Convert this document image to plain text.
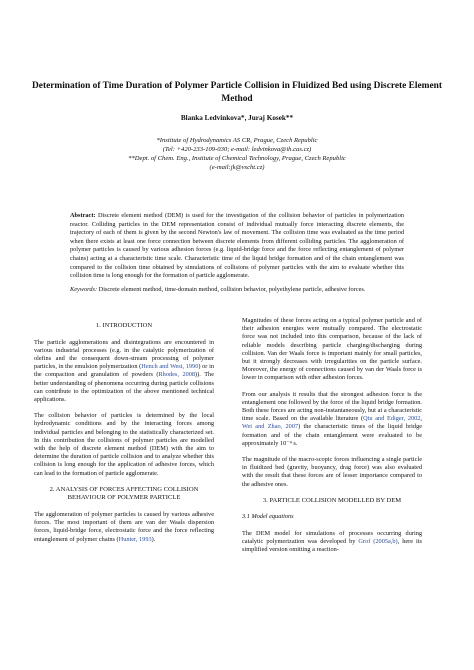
Determination of Time Duration of Polymer Particle Collision in Fluidized Bed using Discrete Element Method
Blanka Ledvinkova*, Juraj Kosek**
*Institute of Hydrodynamics AS CR, Prague, Czech Republic
(Tel: +420-233-109-030; e-mail: ledvinkova@ih.cas.cz)
**Dept. of Chem. Eng., Institute of Chemical Technology, Prague, Czech Republic
(e-mail:jk@vscht.cz)
Abstract: Discrete element method (DEM) is used for the investigation of the collision behavior of particles in polymerization reactor. Colliding particles in the DEM representation consist of individual mutually force interacting discrete elements, the trajectory of each of them is given by the second Newton's law of movement. The collision time was evaluated as the time period when there exists at least one force connection between discrete elements from different colliding particles. The agglomeration of polymer particles is caused by various adhesion forces (e.g. liquid-bridge force and the force reflecting entanglement of polymer chains) acting at a characteristic time scale. Characteristic time of the liquid bridge formation and of the chain entanglement was compared to the collision time obtained by simulations of collisions of polymer particles with the aim to evaluate whether this collision time is long enough for the formation of particle agglomerate.
Keywords: Discrete element method, time-domain method, collision behavior, polyethylene particle, adhesive forces.
1. INTRODUCTION

The particle agglomerations and disintegrations are encountered in various industrial processes (e.g. in the catalytic polymerization of olefins and the consequent down-stream processing of polymer particles, in the emulsion polymerization (Hench and West, 1990) or in the compaction and granulation of powders (Rhodes, 2008)). The better understanding of phenomena occurring during particle collisions can contribute to the optimization of the above mentioned technical applications.

The collision behavior of particles is determined by the local hydrodynamic conditions and by the interacting forces among individual particles and belonging to the statistically characterized set. In this contribution the collisions of polymer particles are modelled with the help of discrete element method (DEM) with the aim to determine the duration of particle collision and to analyze whether this collision is long enough for the application of adhesive forces, which can lead to the formation of particle agglomerate.

2. ANALYSIS OF FORCES AFFECTING COLLISION
BEHAVIOUR OF POLYMER PARTICLE

The agglomeration of polymer particles is caused by various adhesive forces. The most important of them are van der Waals dispersion forces, liquid-bridge force, electrostatic force and the force reflecting entanglement of polymer chains (Hunter, 1993).

Magnitudes of these forces acting on a typical polymer particle and of their adhesion energies were mutually compared. The electrostatic force was not included into this comparison, because of the lack of reliable models describing particle charging/discharging during collision. Van der Waals force is important mainly for small particles, but it strongly decreases with irregularities on the particle surface. Moreover, the energy of connections caused by van der Waals force is lower in comparison with other adhesion forces.

From our analysis it results that the strongest adhesion force is the entanglement one followed by the force of the liquid bridge formation. Both these forces are acting non-instantaneously, but at a characteristic time scale. Based on the available literature (Qiu and Ediger, 2002, Wei and Zhao, 2007) the characteristic times of the liquid bridge formation and of the chain entanglement were evaluated to be approximately 10⁻⁴ s.

The magnitude of the macro-scopic forces influencing a single particle in fluidized bed (gravity, buoyancy, drag force) was also evaluated with the result that these forces are of lesser importance compared to the adhesive ones.

3. PARTICLE COLLISION MODELLED BY DEM
3.1 Model equations

The DEM model for simulations of processes occurring during catalytic polymerization was developed by Grof (2005a,b), here its simplified version omitting a reaction-
